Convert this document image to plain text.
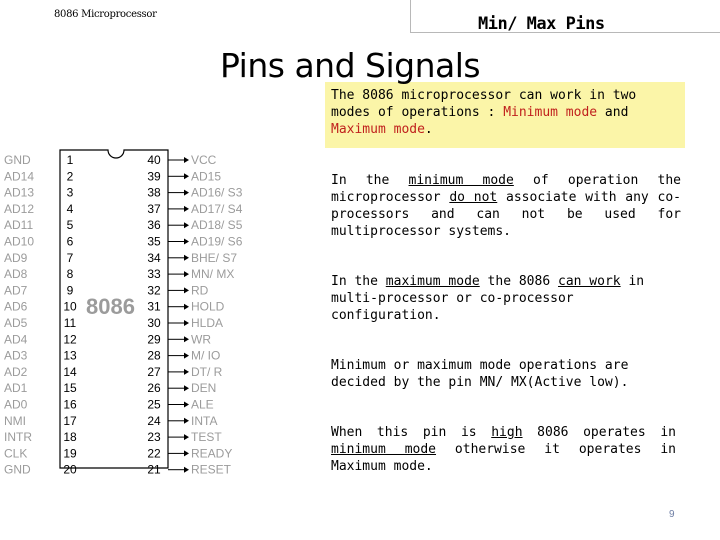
8086 Microprocessor	Min/ Max Pins
Pins and Signals
The 8086 microprocessor can work in two modes of operations : Minimum mode and Maximum mode.
In the minimum mode of operation the microprocessor do not associate with any co-processors and can not be used for multiprocessor systems.
In the maximum mode the 8086 can work in multi-processor or co-processor configuration.
Minimum or maximum mode operations are decided by the pin MN/ MX(Active low).
When this pin is high 8086 operates in minimum mode otherwise it operates in Maximum mode.
8086
GND	1
AD14	2
AD13	3
AD12	4
AD11	5
AD10	6
AD9	7
AD8	8
AD7	9
AD6	10
AD5	11
AD4	12
AD3	13
AD2	14
AD1	15
AD0	16
NMI	17
INTR	18
CLK	19
GND	20
40	VCC
39	AD15
38	AD16/ S3
37	AD17/ S4
36	AD18/ S5
35	AD19/ S6
34	BHE/ S7
33	MN/ MX
32	RD
31	HOLD
30	HLDA
29	WR
28	M/ IO
27	DT/ R
26	DEN
25	ALE
24	INTA
23	TEST
22	READY
21	RESET
9
